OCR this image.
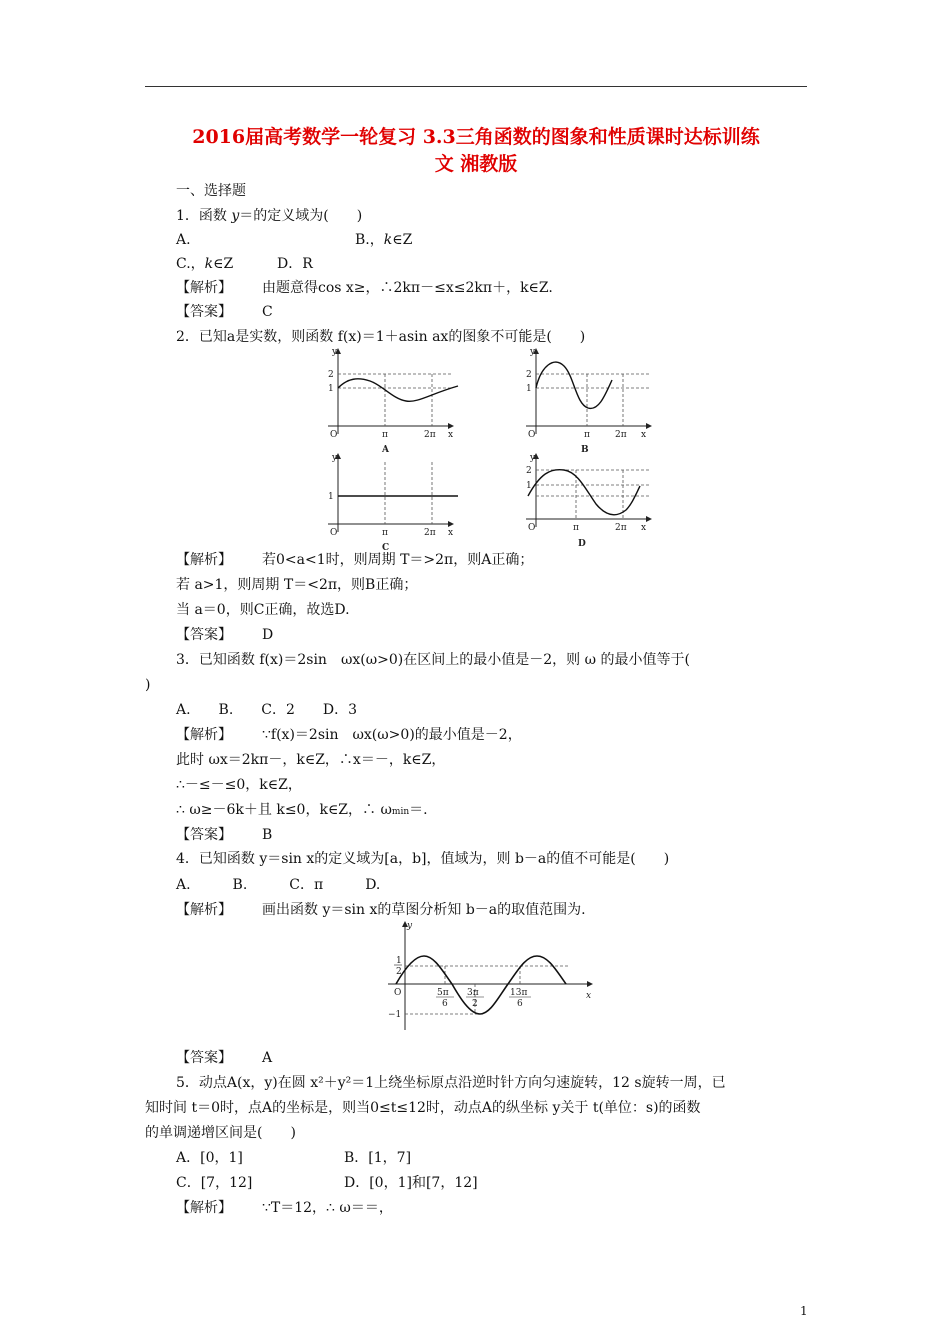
2016届高考数学一轮复习 3.3三角函数的图象和性质课时达标训练
文 湘教版
一、选择题
1．函数 y＝的定义域为(　　)
A.	B.，k∈Z
C.，k∈Z	D．R
【解析】 由题意得cos x≥，∴2kπ－≤x≤2kπ＋，k∈Z.
【答案】 C
2．已知a是实数，则函数 f(x)＝1＋asin ax的图象不可能是(　　)
y
2
1
O	π	2π x
A
y
2
1
O	π	2π x
B
y
1
O	π	2π x
C
y
2
1
O	π	2π x
D
【解析】 若0<a<1时，则周期 T＝>2π，则A正确；
若 a>1，则周期 T＝<2π，则B正确；
当 a＝0，则C正确，故选D.
【答案】 D
3．已知函数 f(x)＝2sin　ωx(ω>0)在区间上的最小值是－2，则 ω 的最小值等于(
)
A.　　B.　　C．2　　D．3
【解析】 ∵f(x)＝2sin　ωx(ω>0)的最小值是－2，
此时 ωx＝2kπ－，k∈Z，∴x＝－，k∈Z，
∴－≤－≤0，k∈Z，
∴ ω≥－6k＋且 k≤0，k∈Z，∴ ωmin＝.
【答案】 B
4．已知函数 y＝sin x的定义域为[a，b]，值域为，则 b－a的值不可能是(　　)
A.　　　B.　　　C．π　　　D.
【解析】 画出函数 y＝sin x的草图分析知 b－a的取值范围为.
y
x
O
1
2
−1
5π
6
3π
2
13π
6
【答案】 A
5．动点A(x，y)在圆 x²＋y²＝1上绕坐标原点沿逆时针方向匀速旋转，12 s旋转一周，已
知时间 t＝0时，点A的坐标是，则当0≤t≤12时，动点A的纵坐标 y关于 t(单位：s)的函数
的单调递增区间是(　　)
A．[0，1]	B．[1，7]
C．[7，12]	D．[0，1]和[7，12]
【解析】 ∵T＝12，∴ ω＝＝，
1
